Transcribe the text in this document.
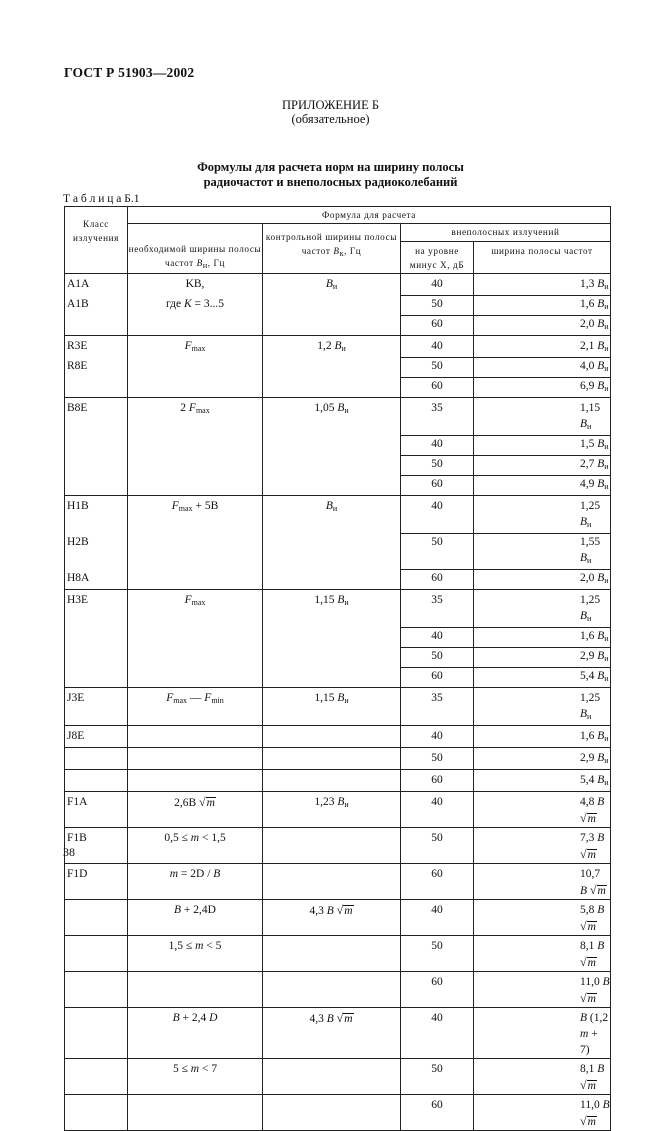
ГОСТ Р 51903—2002
ПРИЛОЖЕНИЕ Б
(обязательное)
Формулы для расчета норм на ширину полосы
радиочастот и внеполосных радиоколебаний
Т а б л и ц а Б.1
Класс излучения	Формула для расчета			
	необходимой ширины полосы частот Bн, Гц	контрольной ширины полосы частот Bк, Гц	внеполосных излучений	
			на уровне минус X, дБ	ширина полосы частот
A1A	KB,	$B_и$	40	1,3 $B_и$

A1B	где K = 3...5		50	1,6 $B_и$

			60	2,0 $B_и$

R3E	$F_{max}$	1,2 $B_и$	40	2,1 $B_и$

R8E			50	4,0 $B_и$

			60	6,9 $B_и$

B8E	2 $F_{max}$	1,05 $B_и$	35	1,15 $B_и$

			40	1,5 $B_и$

			50	2,7 $B_и$

			60	4,9 $B_и$

H1B	$F_{max} + 5B$	$B_и$	40	1,25 $B_и$

H2B			50	1,55 $B_и$

H8A			60	2,0 $B_и$

H3E	$F_{max}$	1,15 $B_и$	35	1,25 $B_и$

			40	1,6 $B_и$

			50	2,9 $B_и$

			60	5,4 $B_и$

J3E	$F_{max}$ — $F_{min}$	1,15 $B_и$	35	1,25 $B_и$

J8E			40	1,6 $B_и$

			50	2,9 $B_и$

			60	5,4 $B_и$

F1A	2,6B √m	1,23 $B_и$	40	4,8 B √m

F1B	0,5 ≤ m < 1,5		50	7,3 B √m

F1D	m = 2D / B		60	10,7 B √m

	B + 2,4D	4,3 B √m	40	5,8 B √m

	1,5 ≤ m < 5		50	8,1 B √m

			60	11,0 B √m

	B + 2,4 D	4,3 B √m	40	B (1,2 m + 7)

	5 ≤ m < 7		50	8,1 B √m

			60	11,0 B √m
38
